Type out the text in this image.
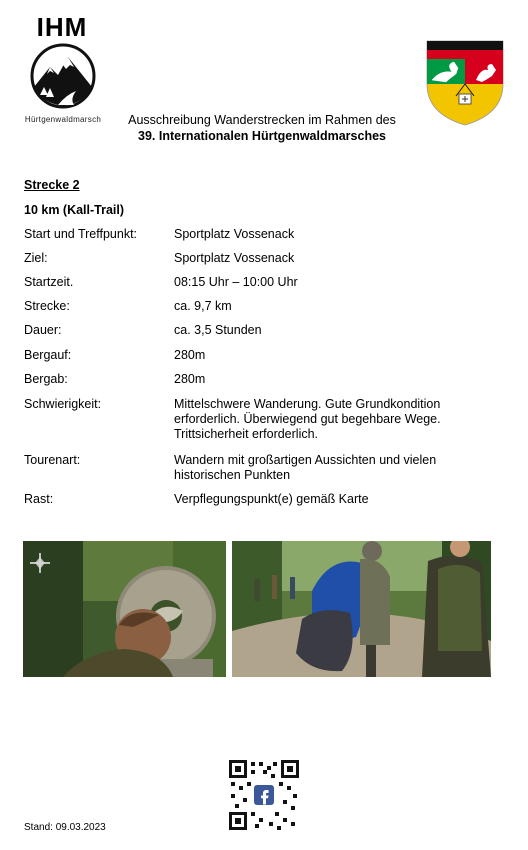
IHM
Hürtgenwaldmarsch	Ausschreibung Wanderstrecken im Rahmen des
39. Internationalen Hürtgenwaldmarsches
Strecke 2
10 km (Kall-Trail)
Start und Treffpunkt:	Sportplatz Vossenack
Ziel:	Sportplatz Vossenack
Startzeit.	08:15 Uhr – 10:00 Uhr
Strecke:	ca. 9,7 km
Dauer:	ca. 3,5 Stunden
Bergauf:	280m
Bergab:	280m
Schwierigkeit:	Mittelschwere Wanderung. Gute Grundkondition erforderlich. Überwiegend gut begehbare Wege. Trittsicherheit erforderlich.
Tourenart:	Wandern mit großartigen Aussichten und vielen historischen Punkten
Rast:	Verpflegungspunkt(e) gemäß Karte
Stand: 09.03.2023
